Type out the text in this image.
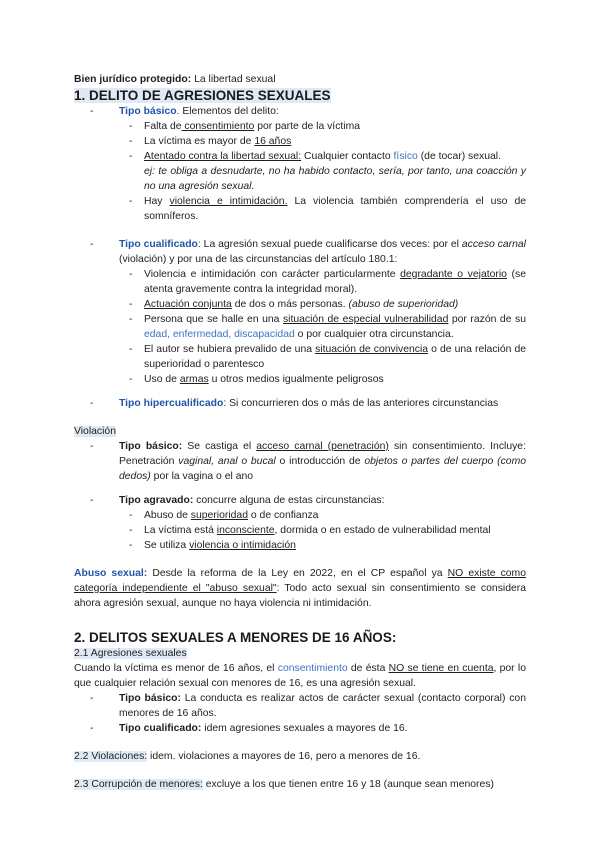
Bien jurídico protegido: La libertad sexual

1. DELITO DE AGRESIONES SEXUALES
- Tipo básico. Elementos del delito:
- Falta de consentimiento por parte de la víctima
- La víctima es mayor de 16 años
- Atentado contra la libertad sexual: Cualquier contacto físico (de tocar) sexual.
ej: te obliga a desnudarte, no ha habido contacto, sería, por tanto, una coacción y no una agresión sexual.
- Hay violencia e intimidación. La violencia también comprendería el uso de somníferos.
- Tipo cualificado: La agresión sexual puede cualificarse dos veces: por el acceso carnal (violación) y por una de las circunstancias del artículo 180.1:
- Violencia e intimidación con carácter particularmente degradante o vejatorio (se atenta gravemente contra la integridad moral).
- Actuación conjunta de dos o más personas. (abuso de superioridad)
- Persona que se halle en una situación de especial vulnerabilidad por razón de su edad, enfermedad, discapacidad o por cualquier otra circunstancia.
- El autor se hubiera prevalido de una situación de convivencia o de una relación de superioridad o parentesco
- Uso de armas u otros medios igualmente peligrosos
- Tipo hipercualificado: Si concurrieren dos o más de las anteriores circunstancias

Violación

- Tipo básico: Se castiga el acceso carnal (penetración) sin consentimiento. Incluye: Penetración vaginal, anal o bucal o introducción de objetos o partes del cuerpo (como dedos) por la vagina o el ano
- Tipo agravado: concurre alguna de estas circunstancias:
- Abuso de superioridad o de confianza
- La víctima está inconsciente, dormida o en estado de vulnerabilidad mental
- Se utiliza violencia o intimidación

Abuso sexual: Desde la reforma de la Ley en 2022, en el CP español ya NO existe como categoría independiente el "abuso sexual": Todo acto sexual sin consentimiento se considera ahora agresión sexual, aunque no haya violencia ni intimidación.

2. DELITOS SEXUALES A MENORES DE 16 AÑOS:

2.1 Agresiones sexuales

Cuando la víctima es menor de 16 años, el consentimiento de ésta NO se tiene en cuenta, por lo que cualquier relación sexual con menores de 16, es una agresión sexual.

- Tipo básico: La conducta es realizar actos de carácter sexual (contacto corporal) con menores de 16 años.
- Tipo cualificado: idem agresiones sexuales a mayores de 16.

2.2 Violaciones: idem. violaciones a mayores de 16, pero a menores de 16.

2.3 Corrupción de menores: excluye a los que tienen entre 16 y 18 (aunque sean menores)
